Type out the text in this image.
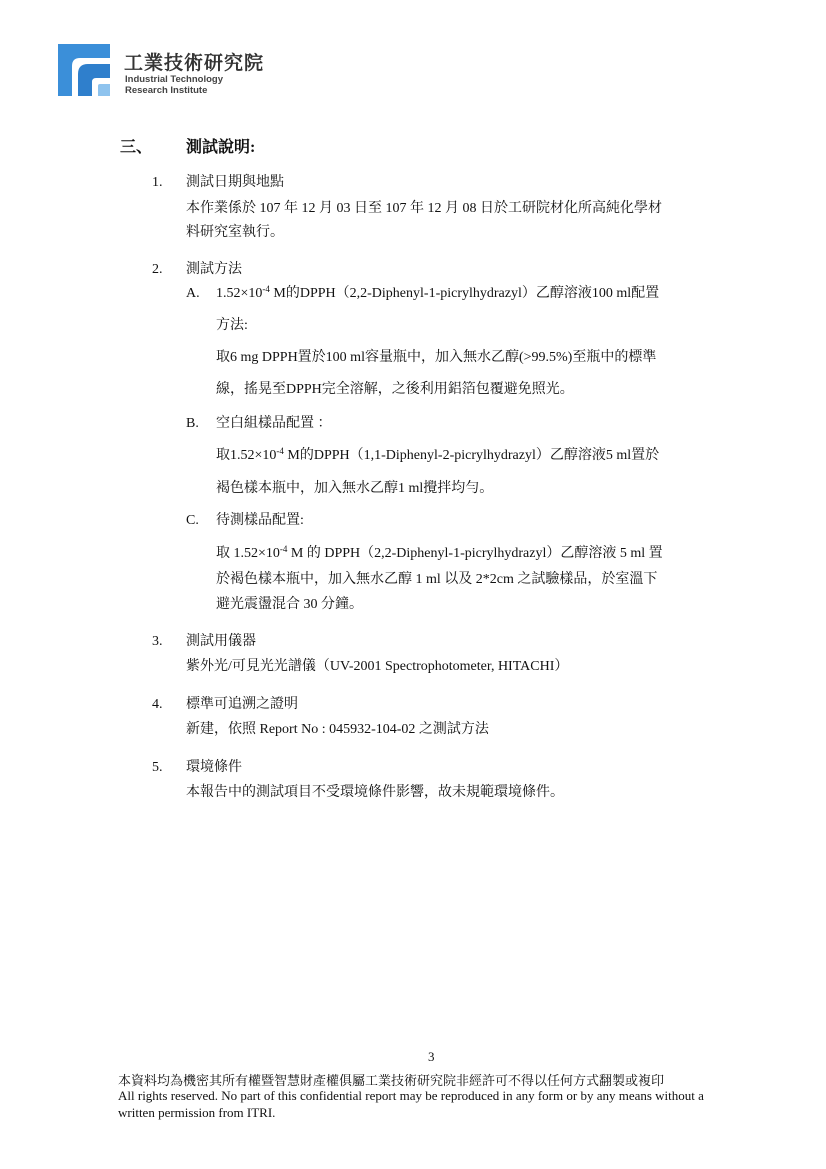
工業技術研究院
Industrial Technology
Research Institute
三、 測試說明:
1. 測試日期與地點
本作業係於 107 年 12 月 03 日至 107 年 12 月 08 日於工研院材化所高純化學材
料研究室執行。
2. 測試方法
A. $1.52\times 10^{-4}$ M的DPPH（2,2-Diphenyl-1-picrylhydrazyl）乙醇溶液100 ml配置
方法:
取6 mg DPPH置於100 ml容量瓶中，加入無水乙醇(>99.5%)至瓶中的標準
線，搖晃至DPPH完全溶解，之後利用鋁箔包覆避免照光。
B. 空白組樣品配置 ：
取$1.52\times 10^{-4}$ M的DPPH（1,1-Diphenyl-2-picrylhydrazyl）乙醇溶液5 ml置於
褐色樣本瓶中，加入無水乙醇1 ml攪拌均勻。
C. 待測樣品配置:
取 $1.52\times 10^{-4}$ M 的 DPPH（2,2-Diphenyl-1-picrylhydrazyl）乙醇溶液 5 ml 置
於褐色樣本瓶中，加入無水乙醇 1 ml 以及 2*2cm 之試驗樣品，於室溫下
避光震盪混合 30 分鐘。
3. 測試用儀器
紫外光/可見光光譜儀（UV-2001 Spectrophotometer, HITACHI）
4. 標準可追溯之證明
新建，依照 Report No : 045932-104-02 之測試方法
5. 環境條件
本報告中的測試項目不受環境條件影響，故未規範環境條件。
3
本資料均為機密其所有權暨智慧財產權俱屬工業技術研究院非經許可不得以任何方式翻製或複印
All rights reserved. No part of this confidential report may be reproduced in any form or by any means without a
written permission from ITRI.
